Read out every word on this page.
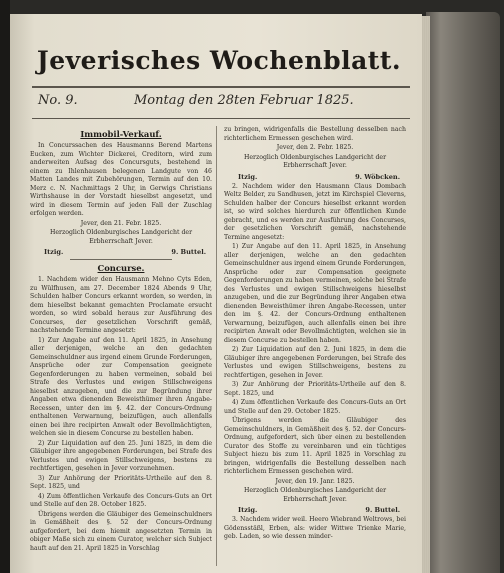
Jeverisches Wochenblatt.
No. 9.	Montag den 28ten Februar 1825.
Immobil-Verkauf.

In Concurssachen des Hausmanns Berend Martens Eucken, zum Wichter Dickerei, Creditorn, wird zum anderweiten Aufsag des Concursguts, bestehend in einem zu Ihlenhausen belegenen Landgute von 46 Matten Landes mit Zubehörungen, Termin auf den 10. Merz c. N. Nachmittags 2 Uhr, in Gerwigs Christians Wirthshause in der Vorstadt hieselbst angesetzt, und wird in diesem Termin auf jeden Fall der Zuschlag erfolgen werden.

Jever, den 21. Febr. 1825.

Herzoglich Oldenburgisches Landgericht der Erbherrschaft Jever.

Itzig.	9. Buttel.
Concurse.

1. Nachdem wider den Hausmann Mehno Cyts Eden, zu Wülfhusen, am 27. December 1824 Abends 9 Uhr, Schulden halber Concurs erkannt worden, so werden, in dem hieselbst bekannt gemachten Proclamate ersucht worden, so wird sobald heraus zur Ausführung des Concurses, der gesetzlichen Vorschrift gemäß, nachstehende Termine angesetzt:

1) Zur Angabe auf den 11. April 1825, in Ansehung aller derjenigen, welche an den gedachten Gemeinschuldner aus irgend einem Grunde Forderungen, Ansprüche oder zur Compensation geeignete Gegenforderungen zu haben vermeinen, sobald bei Strafe des Verlustes und ewigen Stillschweigens hieselbst anzugeben, und die zur Begründung ihrer Angaben etwa dienenden Beweisthümer ihren Angabe-Recessen, unter den im §. 42. der Concurs-Ordnung enthaltenen Verwarnung, beizufügen, auch allenfalls einen bei ihre recipirten Anwalt oder Bevollmächtigten, welchen sie in diesem Concurse zu bestellen haben.

2) Zur Liquidation auf den 25. Juni 1825, in dem die Gläubiger ihre angegebenen Forderungen, bei Strafe des Verlustes und ewigen Stillschweigens, bestens zu rechtfertigen, gesehen in Jever vorzunehmen.

3) Zur Anhörung der Prioritäts-Urtheile auf den 8. Sept. 1825, und

4) Zum öffentlichen Verkaufe des Concurs-Guts an Ort und Stelle auf den 28. October 1825.

Übrigens werden die Gläubiger des Gemeinschuldners in Gemäßheit des §. 52 der Concurs-Ordnung aufgefordert, bei dem hiemit angesetzten Termin in obiger Maße sich zu einem Curator, welcher sich Subject hauft auf den 21. April 1825 in Vorschlag

zu bringen, widrigenfalls die Bestellung desselben nach richterlichem Ermessen geschehen wird.

Jever, den 2. Febr. 1825.

Herzoglich Oldenburgisches Landgericht der Erbherrschaft Jever.

Itzig.	9. Wöbcken.

2. Nachdem wider den Hausmann Claus Dombach Weltz Belder, zu Sandhusen, jetzt im Kirchspiel Cleverns, Schulden halber der Concurs hieselbst erkannt worden ist, so wird solches hierdurch zur öffentlichen Kunde gebracht, und es werden zur Ausführung des Concurses, der gesetzlichen Vorschrift gemäß, nachstehende Termine angesetzt:

1) Zur Angabe auf den 11. April 1825, in Ansehung aller derjenigen, welche an den gedachten Gemeinschuldner aus irgend einem Grunde Forderungen, Ansprüche oder zur Compensation geeignete Gegenforderungen zu haben vermeinen, solche bei Strafe des Verlustes und ewigen Stillschweigens hieselbst anzugeben, und die zur Begründung ihrer Angaben etwa dienenden Beweisthümer ihren Angabe-Recessen, unter den im §. 42. der Concurs-Ordnung enthaltenen Verwarnung, beizufügen, auch allenfalls einen bei ihre recipirten Anwalt oder Bevollmächtigten, welchen sie in diesem Concurse zu bestellen haben.

2) Zur Liquidation auf den 2. Juni 1825, in dem die Gläubiger ihre angegebenen Forderungen, bei Strafe des Verlustes und ewigen Stillschweigens, bestens zu rechtfertigen, gesehen in Jever.

3) Zur Anhörung der Prioritäts-Urtheile auf den 8. Sept. 1825, und

4) Zum öffentlichen Verkaufe des Concurs-Guts an Ort und Stelle auf den 29. October 1825.

Übrigens werden die Gläubiger des Gemeinschuldners, in Gemäßheit des §. 52. der Concurs-Ordnung, aufgefordert, sich über einen zu bestellenden Curator des Stoffe zu vereinbaren und ein tüchtiges Subject hiezu bis zum 11. April 1825 in Vorschlag zu bringen, widrigenfalls die Bestellung desselben nach richterlichem Ermessen geschehen wird.

Jever, den 19. Janr. 1825.

Herzoglich Oldenburgisches Landgericht der Erbherrschaft Jever.

Itzig.	9. Buttel.

3. Nachdem wider weil. Heero Wiebrand Weltrows, bei Gödensstäßl, Erben, als: wider Wittwe Trienke Marie, geb. Laden, so wie dessen minder-
